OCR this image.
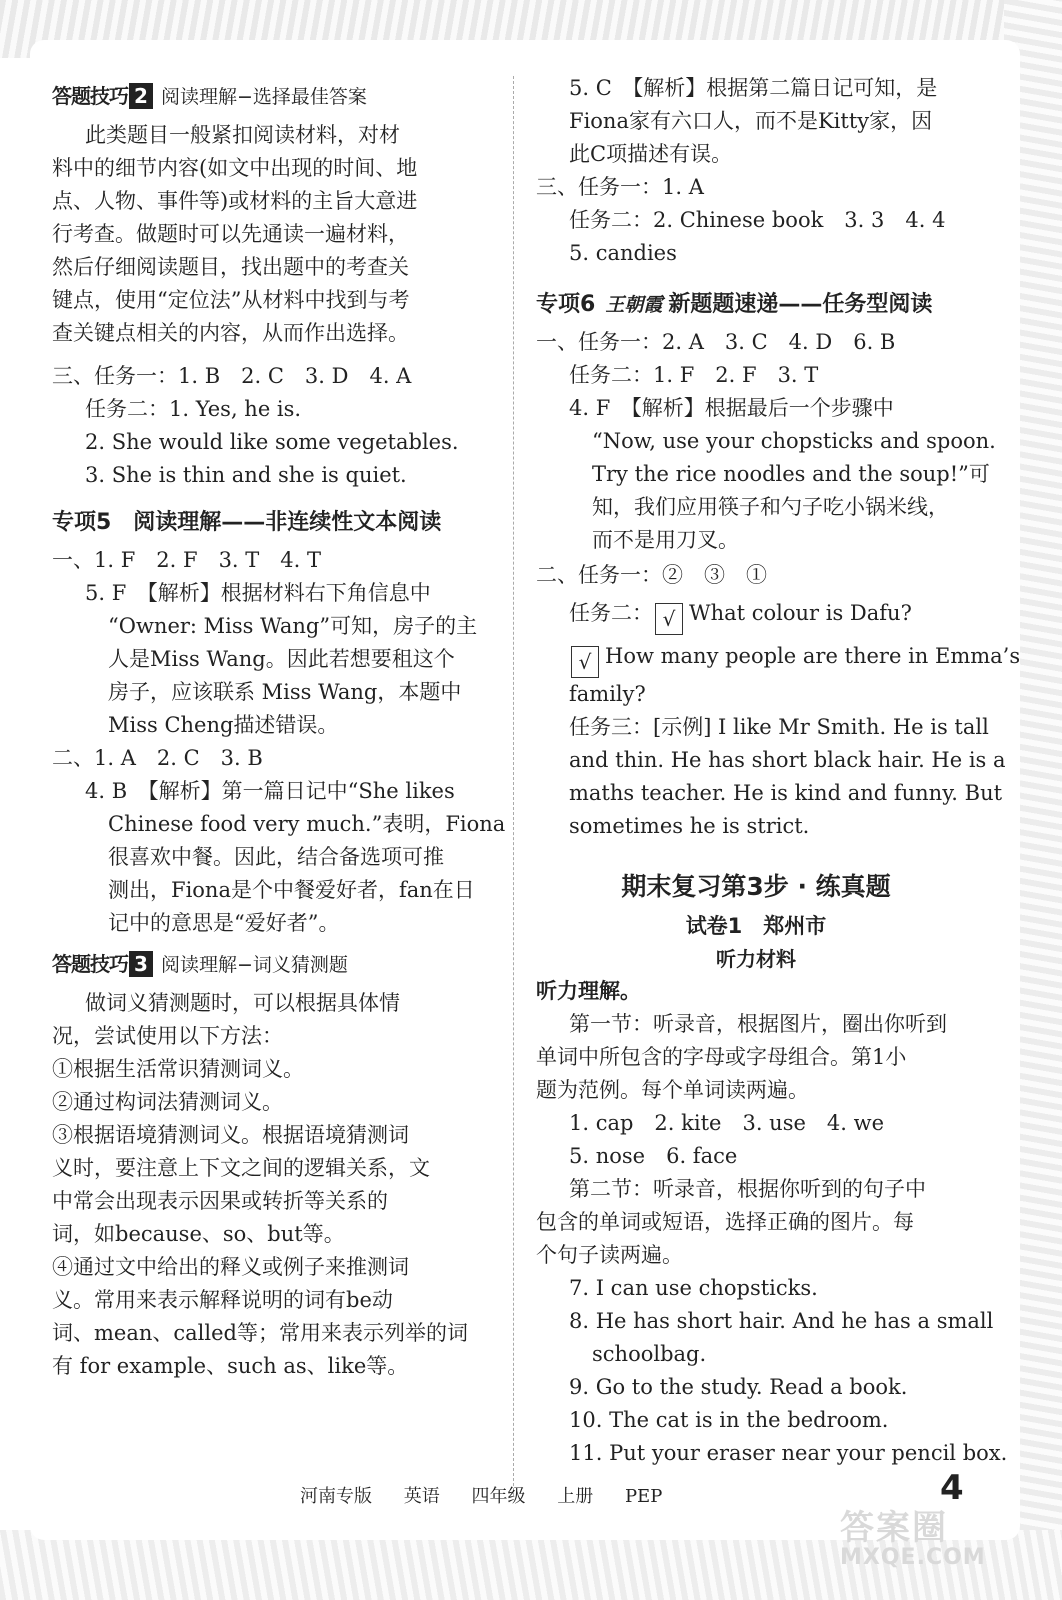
答题技巧 2 阅读理解−选择最佳答案

此类题目一般紧扣阅读材料，对材

料中的细节内容(如文中出现的时间、地

点、人物、事件等)或材料的主旨大意进

行考查。做题时可以先通读一遍材料，

然后仔细阅读题目，找出题中的考查关

键点，使用“定位法”从材料中找到与考

查关键点相关的内容，从而作出选择。

三、任务一：1. B　2. C　3. D　4. A

任务二：1. Yes, he is.

2. She would like some vegetables.

3. She is thin and she is quiet.

专项5　阅读理解——非连续性文本阅读

一、1. F　2. F　3. T　4. T

5. F　【解析】根据材料右下角信息中

“Owner: Miss Wang”可知，房子的主

人是Miss Wang。因此若想要租这个

房子，应该联系 Miss Wang，本题中

Miss Cheng描述错误。

二、1. A　2. C　3. B

4. B　【解析】第一篇日记中“She likes

Chinese food very much.”表明，Fiona

很喜欢中餐。因此，结合备选项可推

测出，Fiona是个中餐爱好者，fan在日

记中的意思是“爱好者”。

答题技巧 3 阅读理解−词义猜测题

做词义猜测题时，可以根据具体情

况，尝试使用以下方法：

①根据生活常识猜测词义。

②通过构词法猜测词义。

③根据语境猜测词义。根据语境猜测词

义时，要注意上下文之间的逻辑关系，文

中常会出现表示因果或转折等关系的

词，如because、so、but等。

④通过文中给出的释义或例子来推测词

义。常用来表示解释说明的词有be动

词、mean、called等；常用来表示列举的词

有 for example、such as、like等。

5. C　【解析】根据第二篇日记可知，是

Fiona家有六口人，而不是Kitty家，因

此C项描述有误。

三、任务一：1. A

任务二：2. Chinese book　3. 3　4. 4

5. candies

专项6 王朝霞 新题题速递——任务型阅读

一、任务一：2. A　3. C　4. D　6. B

任务二：1. F　2. F　3. T

4. F　【解析】根据最后一个步骤中

“Now, use your chopsticks and spoon.

Try the rice noodles and the soup!”可

知，我们应用筷子和勺子吃小锅米线，

而不是用刀叉。

二、任务一：②　③　①

任务二： √ What colour is Dafu?

√ How many people are there in Emma’s

family?

任务三：[示例] I like Mr Smith. He is tall

and thin. He has short black hair. He is a

maths teacher. He is kind and funny. But

sometimes he is strict.

期末复习第3步 · 练真题
试卷1　郑州市
听力材料

听力理解。

第一节：听录音，根据图片，圈出你听到

单词中所包含的字母或字母组合。第1小

题为范例。每个单词读两遍。

1. cap　2. kite　3. use　4. we

5. nose　6. face

第二节：听录音，根据你听到的句子中

包含的单词或短语，选择正确的图片。每

个句子读两遍。

7. I can use chopsticks.

8. He has short hair. And he has a small

schoolbag.

9. Go to the study. Read a book.

10. The cat is in the bedroom.

11. Put your eraser near your pencil box.

河南专版 英语 四年级 上册 PEP	4
答案圈
MXQE.COM
